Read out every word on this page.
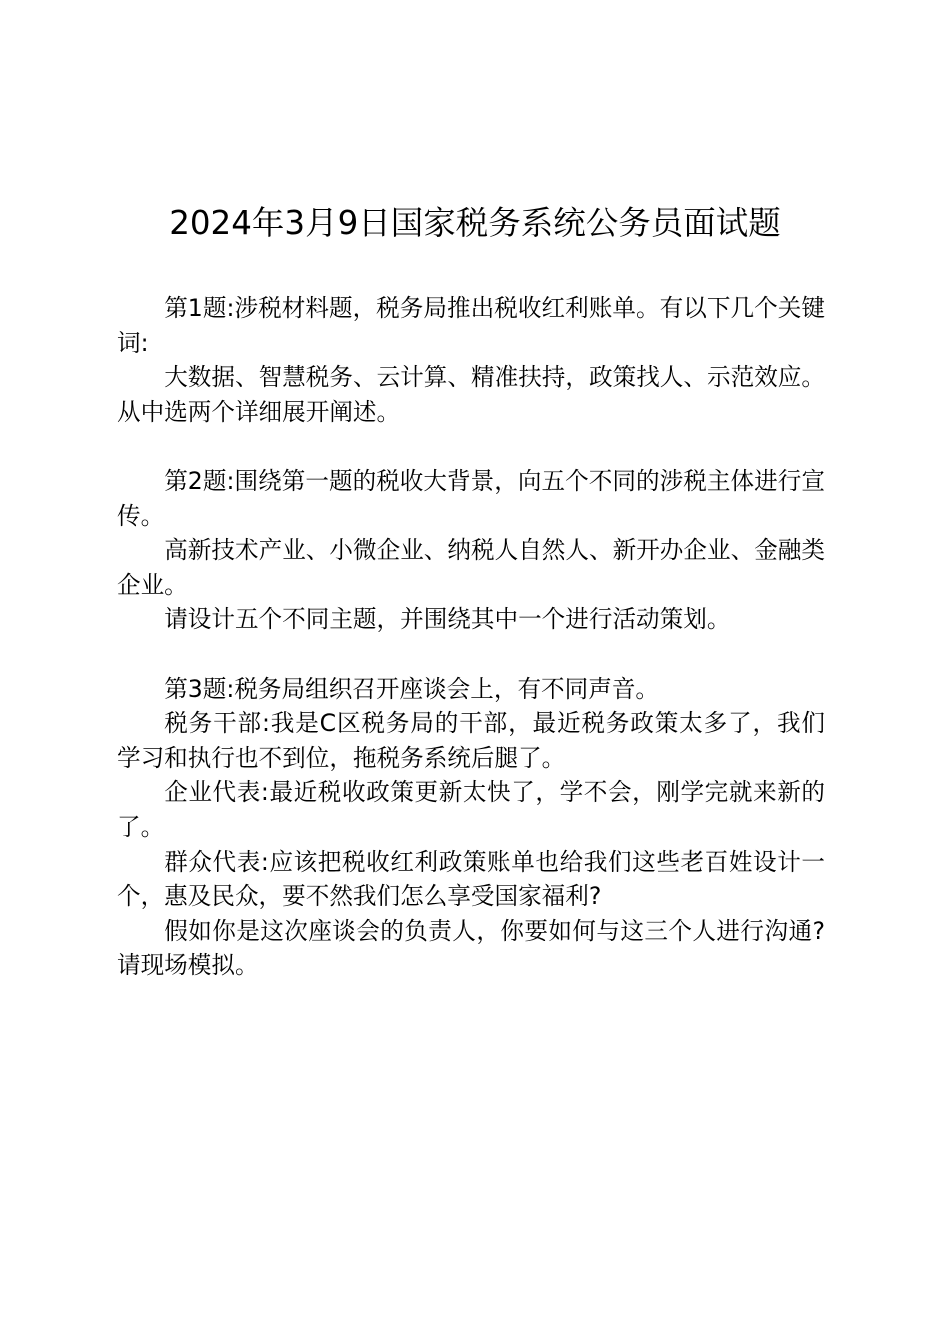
2024年3月9日国家税务系统公务员面试题

第1题:涉税材料题，税务局推出税收红利账单。有以下几个关键词:

大数据、智慧税务、云计算、精准扶持，政策找人、示范效应。从中选两个详细展开阐述。

第2题:围绕第一题的税收大背景，向五个不同的涉税主体进行宣传。

高新技术产业、小微企业、纳税人自然人、新开办企业、金融类企业。

请设计五个不同主题，并围绕其中一个进行活动策划。

第3题:税务局组织召开座谈会上，有不同声音。

税务干部:我是C区税务局的干部，最近税务政策太多了，我们学习和执行也不到位，拖税务系统后腿了。

企业代表:最近税收政策更新太快了，学不会，刚学完就来新的了。

群众代表:应该把税收红利政策账单也给我们这些老百姓设计一个，惠及民众，要不然我们怎么享受国家福利?

假如你是这次座谈会的负责人，你要如何与这三个人进行沟通?请现场模拟。
